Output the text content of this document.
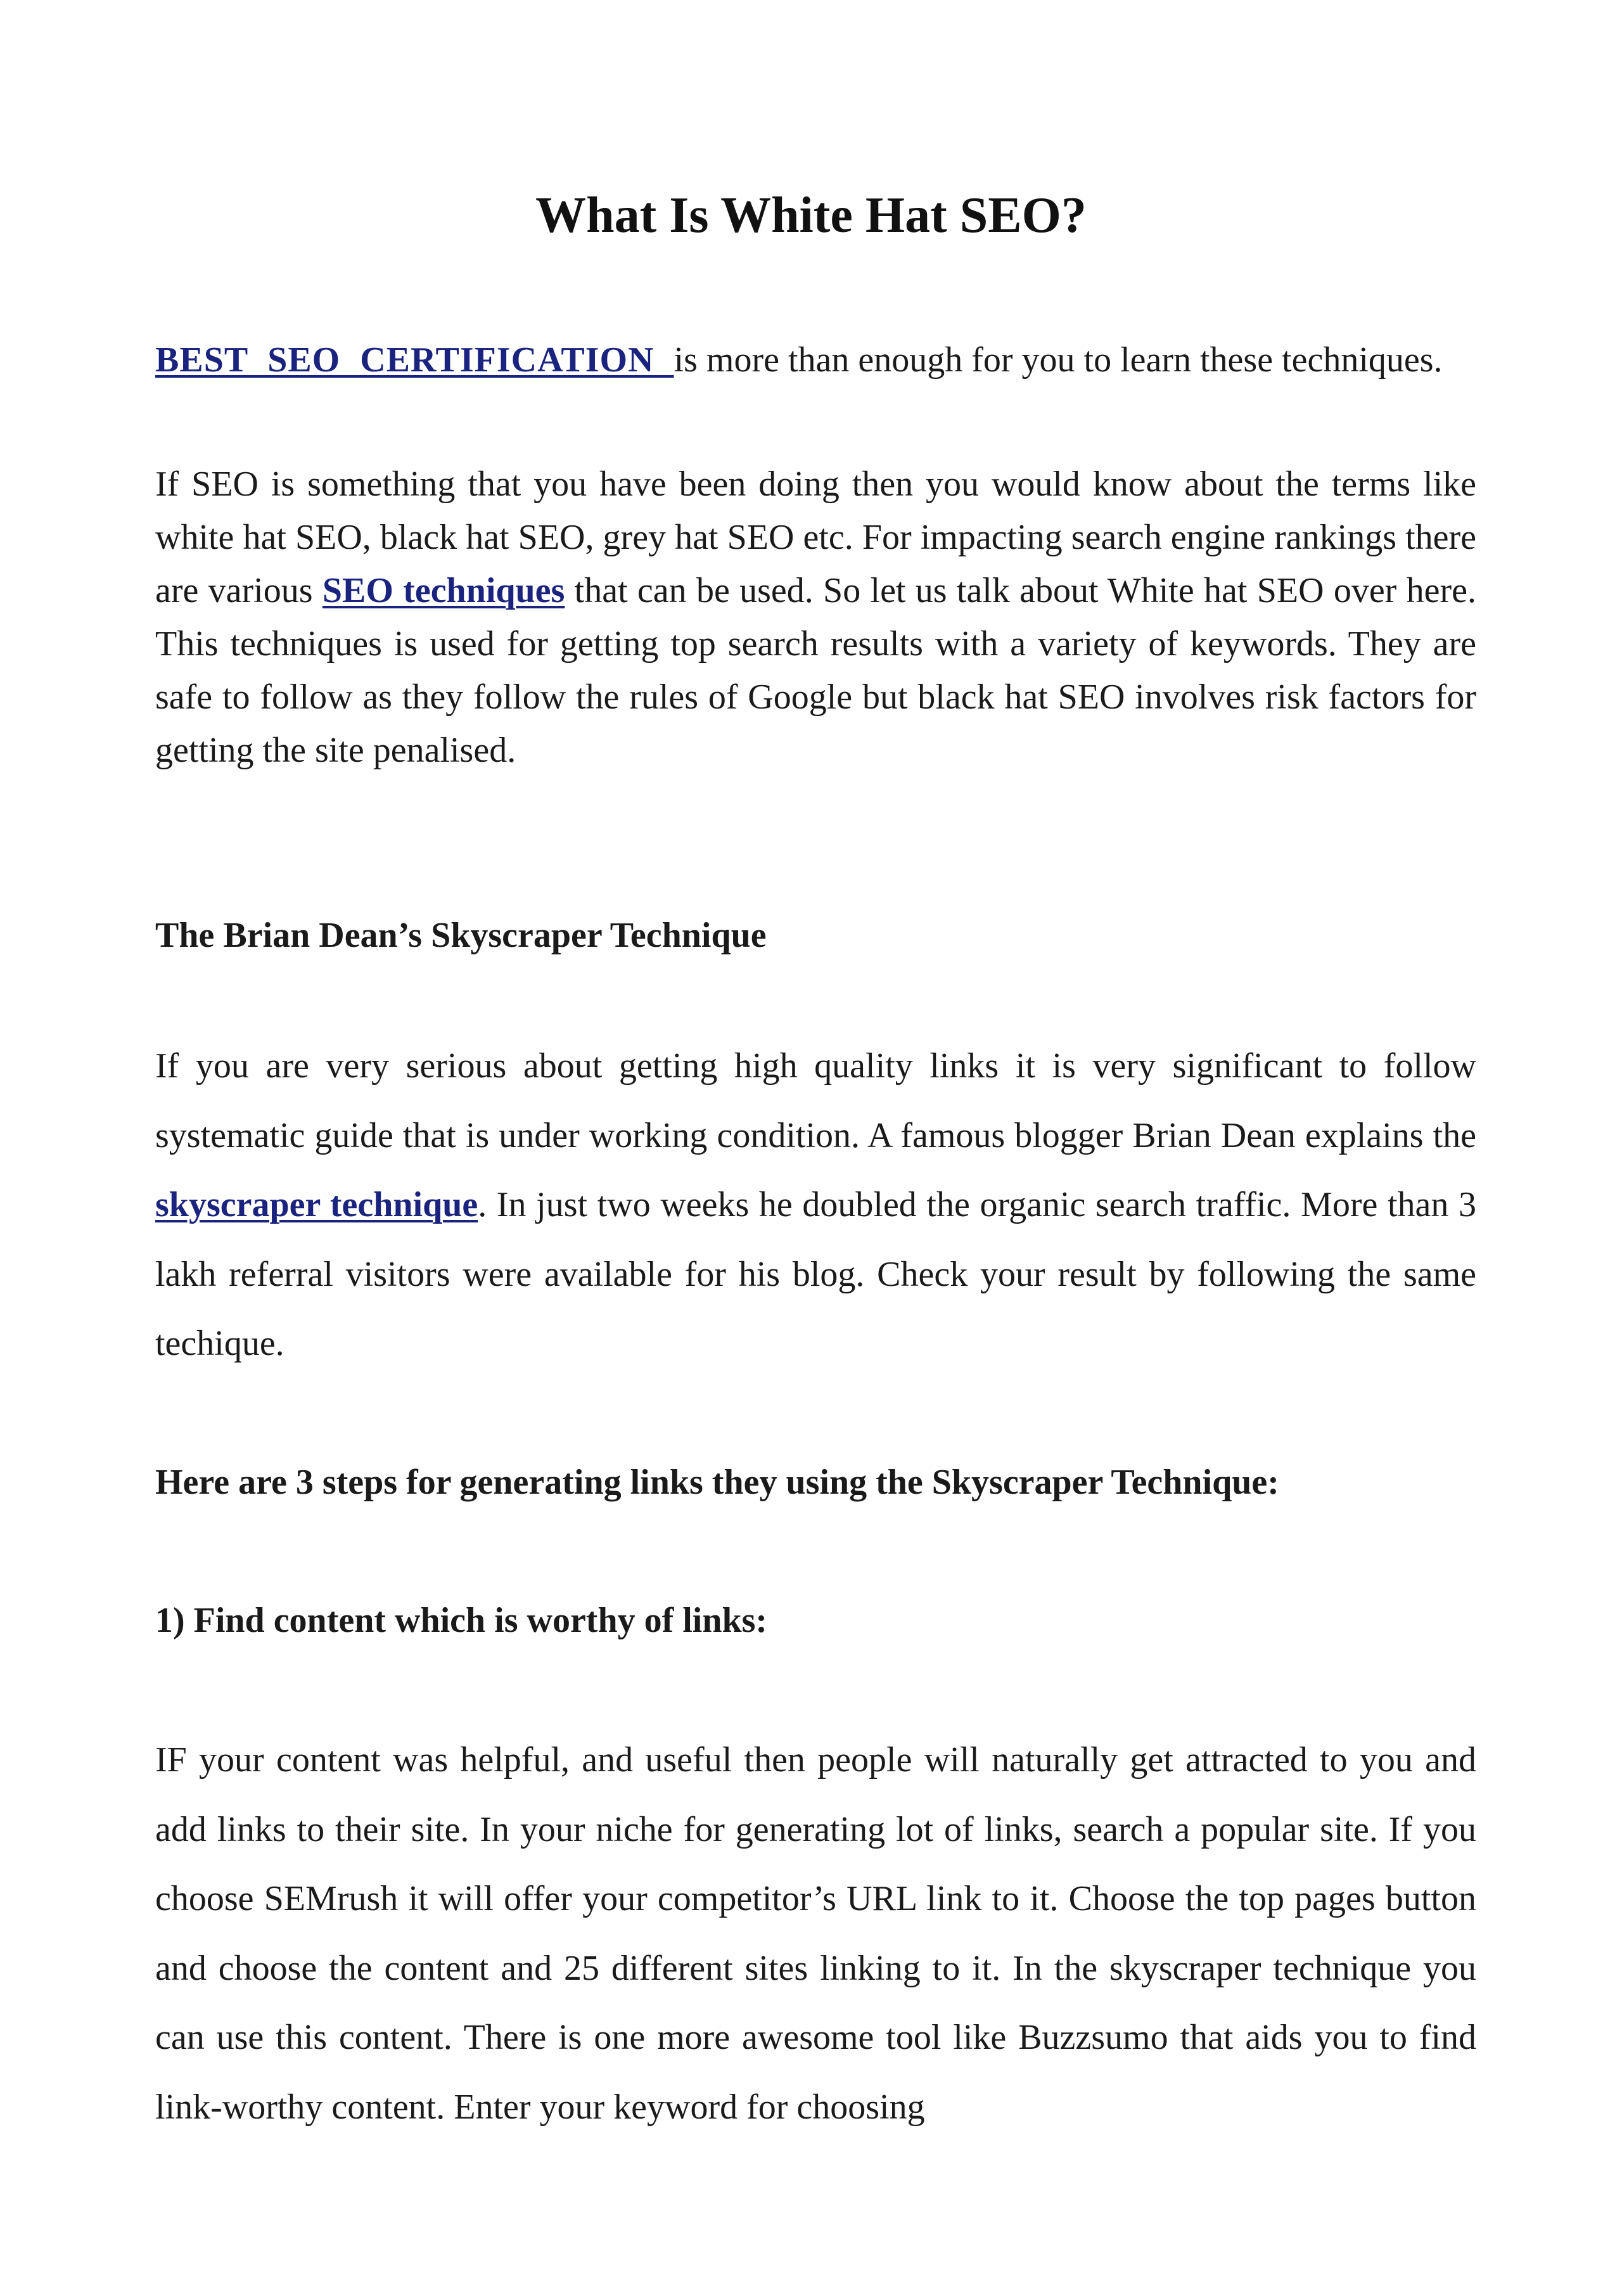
What Is White Hat SEO?

BEST SEO CERTIFICATION is more than enough for you to learn these techniques.

If SEO is something that you have been doing then you would know about the terms like white hat SEO, black hat SEO, grey hat SEO etc. For impacting search engine rankings there are various SEO techniques that can be used. So let us talk about White hat SEO over here. This techniques is used for getting top search results with a variety of keywords. They are safe to follow as they follow the rules of Google but black hat SEO involves risk factors for getting the site penalised.

The Brian Dean’s Skyscraper Technique

If you are very serious about getting high quality links it is very significant to follow systematic guide that is under working condition. A famous blogger Brian Dean explains the skyscraper technique. In just two weeks he doubled the organic search traffic. More than 3 lakh referral visitors were available for his blog. Check your result by following the same techique.

Here are 3 steps for generating links they using the Skyscraper Technique:
1) Find content which is worthy of links:

IF your content was helpful, and useful then people will naturally get attracted to you and add links to their site. In your niche for generating lot of links, search a popular site. If you choose SEMrush it will offer your competitor’s URL link to it. Choose the top pages button and choose the content and 25 different sites linking to it. In the skyscraper technique you can use this content. There is one more awesome tool like Buzzsumo that aids you to find link-worthy content. Enter your keyword for choosing
